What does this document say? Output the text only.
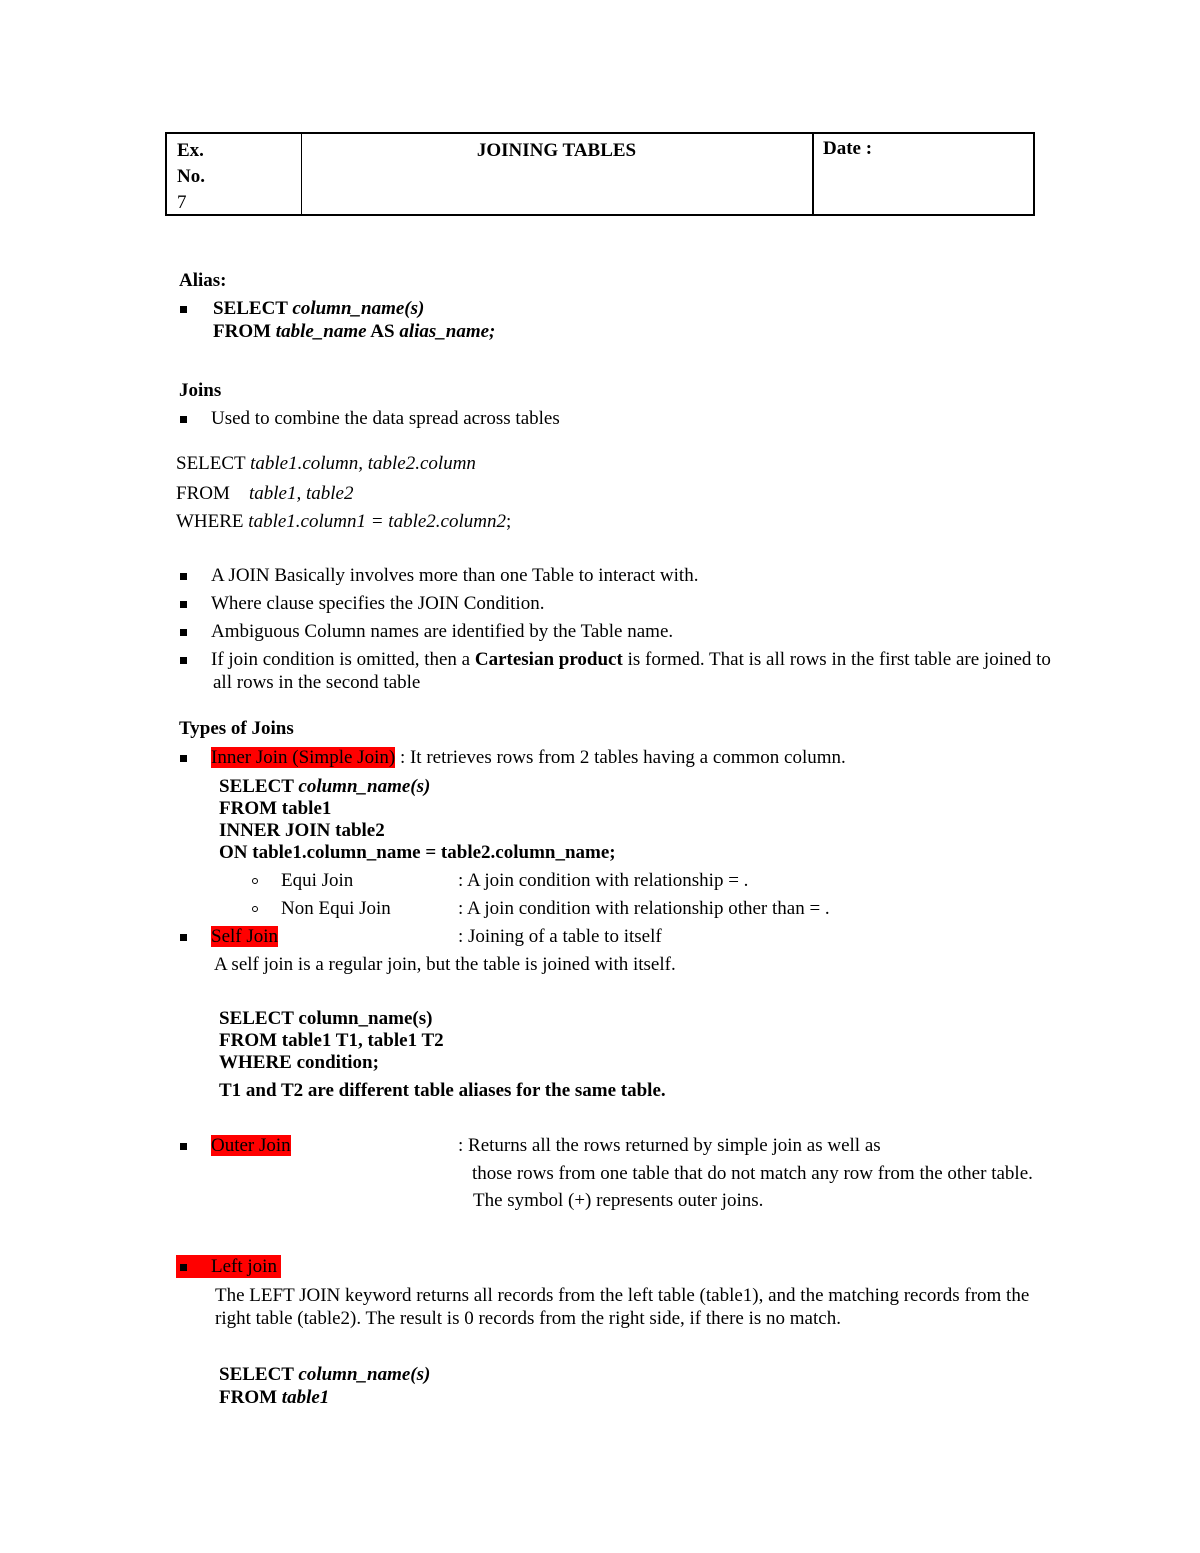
Ex.
No.
7
JOINING TABLES	Date :
Alias:
SELECT column_name(s)
FROM table_name AS alias_name;
Joins
Used to combine the data spread across tables
SELECT table1.column, table2.column
FROM table1, table2
WHERE table1.column1 = table2.column2;
A JOIN Basically involves more than one Table to interact with.
Where clause specifies the JOIN Condition.
Ambiguous Column names are identified by the Table name.
If join condition is omitted, then a Cartesian product is formed. That is all rows in the first table are joined to
all rows in the second table
Types of Joins
Inner Join (Simple Join) : It retrieves rows from 2 tables having a common column.
SELECT column_name(s)
FROM table1
INNER JOIN table2
ON table1.column_name = table2.column_name;
Equi Join	: A join condition with relationship = .
Non Equi Join	: A join condition with relationship other than = .
Self Join	: Joining of a table to itself
A self join is a regular join, but the table is joined with itself.
SELECT column_name(s)
FROM table1 T1, table1 T2
WHERE condition;
T1 and T2 are different table aliases for the same table.
Outer Join	: Returns all the rows returned by simple join as well as
those rows from one table that do not match any row from the other table.
The symbol (+) represents outer joins.
Left join
The LEFT JOIN keyword returns all records from the left table (table1), and the matching records from the
right table (table2). The result is 0 records from the right side, if there is no match.
SELECT column_name(s)
FROM table1
